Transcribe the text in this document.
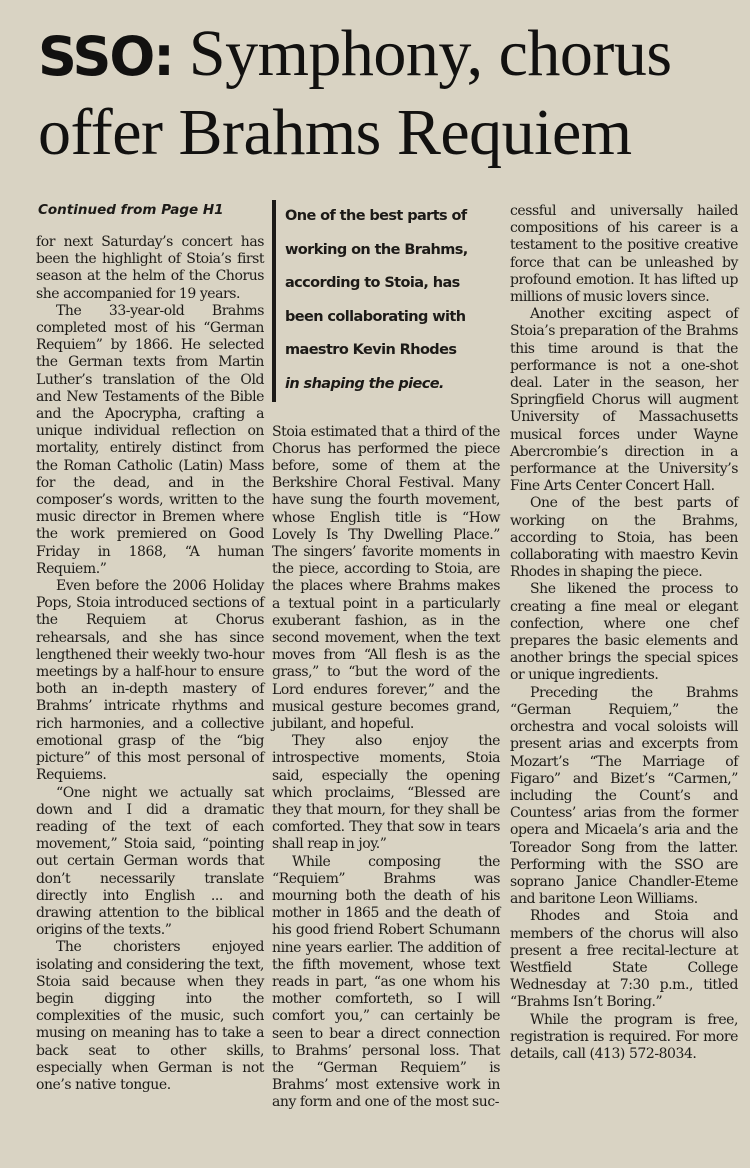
SSO: Symphony, chorus
offer Brahms Requiem
Continued from Page H1

for next Saturday’s concert has been the highlight of Stoia’s first season at the helm of the Chorus she accompanied for 19 years.

The 33-year-old Brahms completed most of his “German Requiem” by 1866. He selected the German texts from Martin Luther’s translation of the Old and New Testaments of the Bible and the Apocrypha, crafting a unique individual reflection on mortality, entirely distinct from the Roman Catholic (Latin) Mass for the dead, and in the composer’s words, written to the music director in Bremen where the work premiered on Good Friday in 1868, “A human Requiem.”

Even before the 2006 Holiday Pops, Stoia introduced sections of the Requiem at Chorus rehearsals, and she has since lengthened their weekly two-hour meetings by a half-hour to ensure both an in-depth mastery of Brahms’ intricate rhythms and rich harmonies, and a collective emotional grasp of the “big picture” of this most personal of Requiems.

“One night we actually sat down and I did a dramatic reading of the text of each movement,” Stoia said, “pointing out certain German words that don’t necessarily translate directly into English ... and drawing attention to the biblical origins of the texts.”

The choristers enjoyed isolating and considering the text, Stoia said because when they begin digging into the complexities of the music, such musing on meaning has to take a back seat to other skills, especially when German is not one’s native tongue.

One of the best parts of
working on the Brahms,
according to Stoia, has
been collaborating with
maestro Kevin Rhodes
in shaping the piece.

Stoia estimated that a third of the Chorus has performed the piece before, some of them at the Berkshire Choral Festival. Many have sung the fourth movement, whose English title is “How Lovely Is Thy Dwelling Place.” The singers’ favorite moments in the piece, according to Stoia, are the places where Brahms makes a textual point in a particularly exuberant fashion, as in the second movement, when the text moves from “All flesh is as the grass,” to “but the word of the Lord endures forever,” and the musical gesture becomes grand, jubilant, and hopeful.

They also enjoy the introspective moments, Stoia said, especially the opening which proclaims, “Blessed are they that mourn, for they shall be comforted. They that sow in tears shall reap in joy.”

While composing the “Requiem” Brahms was mourning both the death of his mother in 1865 and the death of his good friend Robert Schumann nine years earlier. The addition of the fifth movement, whose text reads in part, “as one whom his mother comforteth, so I will comfort you,” can certainly be seen to bear a direct connection to Brahms’ personal loss. That the “German Requiem” is Brahms’ most extensive work in any form and one of the most suc-

cessful and universally hailed compositions of his career is a testament to the positive creative force that can be unleashed by profound emotion. It has lifted up millions of music lovers since.

Another exciting aspect of Stoia’s preparation of the Brahms this time around is that the performance is not a one-shot deal. Later in the season, her Springfield Chorus will augment University of Massachusetts musical forces under Wayne Abercrombie’s direction in a performance at the University’s Fine Arts Center Concert Hall.

One of the best parts of working on the Brahms, according to Stoia, has been collaborating with maestro Kevin Rhodes in shaping the piece.

She likened the process to creating a fine meal or elegant confection, where one chef prepares the basic elements and another brings the special spices or unique ingredients.

Preceding the Brahms “German Requiem,” the orchestra and vocal soloists will present arias and excerpts from Mozart’s “The Marriage of Figaro” and Bizet’s “Carmen,” including the Count’s and Countess’ arias from the former opera and Micaela’s aria and the Toreador Song from the latter. Performing with the SSO are soprano Janice Chandler-Eteme and baritone Leon Williams.

Rhodes and Stoia and members of the chorus will also present a free recital-lecture at Westfield State College Wednesday at 7:30 p.m., titled “Brahms Isn’t Boring.”

While the program is free, registration is required. For more details, call (413) 572-8034.
